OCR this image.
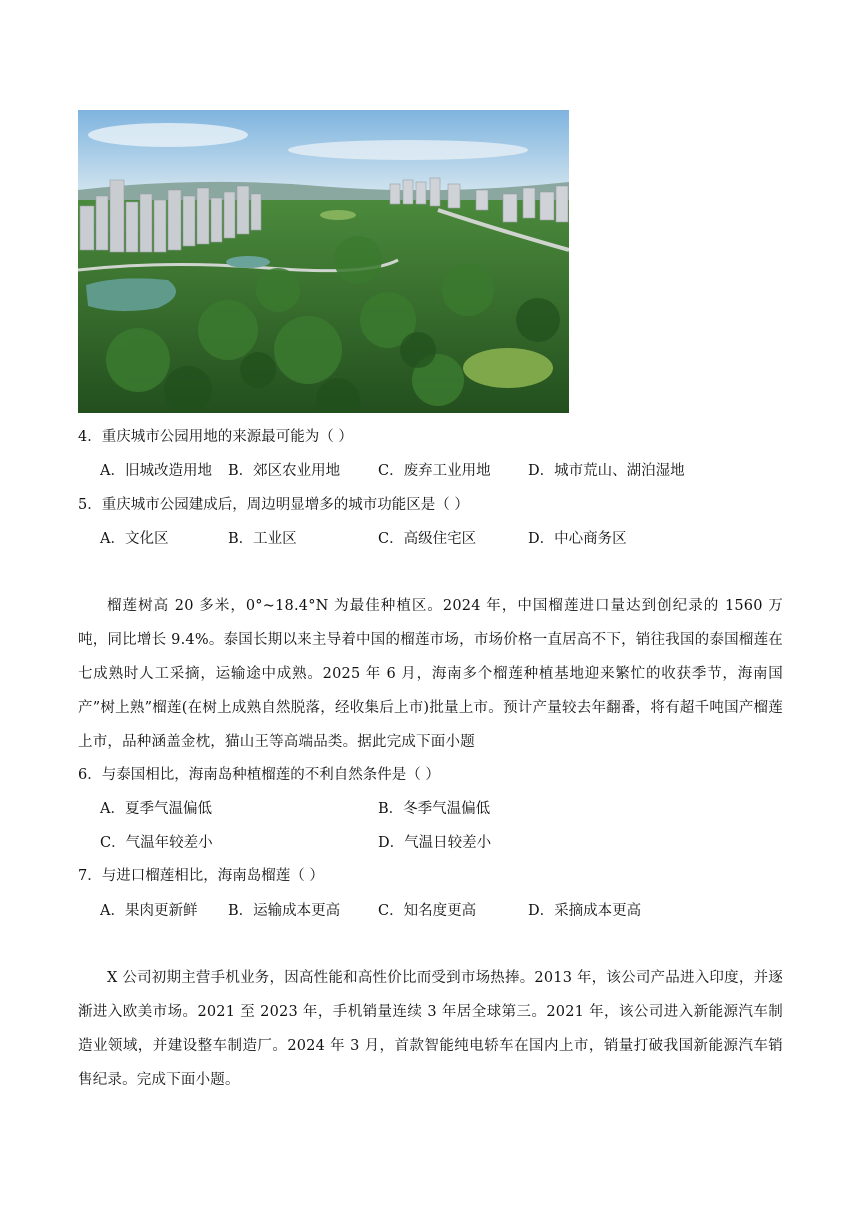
4．重庆城市公园用地的来源最可能为（ ）
A．旧城改造用地 B．郊区农业用地	C．废弃工业用地	D．城市荒山、湖泊湿地
5．重庆城市公园建成后，周边明显增多的城市功能区是（ ）
A．文化区	B．工业区	C．高级住宅区	D．中心商务区
榴莲树高 20 多米，0°~18.4°N 为最佳种植区。2024 年，中国榴莲进口量达到创纪录的 1560 万吨，同比增长 9.4%。泰国长期以来主导着中国的榴莲市场，市场价格一直居高不下，销往我国的泰国榴莲在七成熟时人工采摘，运输途中成熟。2025 年 6 月，海南多个榴莲种植基地迎来繁忙的收获季节，海南国产”树上熟”榴莲(在树上成熟自然脱落，经收集后上市)批量上市。预计产量较去年翻番，将有超千吨国产榴莲上市，品种涵盖金枕，猫山王等高端品类。据此完成下面小题
6．与泰国相比，海南岛种植榴莲的不利自然条件是（ ）
A．夏季气温偏低	B．冬季气温偏低
C．气温年较差小	D．气温日较差小
7．与进口榴莲相比，海南岛榴莲（ ）
A．果肉更新鲜 B．运输成本更高	C．知名度更高	D．采摘成本更高
X 公司初期主营手机业务，因高性能和高性价比而受到市场热捧。2013 年，该公司产品进入印度，并逐渐进入欧美市场。2021 至 2023 年，手机销量连续 3 年居全球第三。2021 年，该公司进入新能源汽车制造业领域，并建设整车制造厂。2024 年 3 月，首款智能纯电轿车在国内上市，销量打破我国新能源汽车销售纪录。完成下面小题。
